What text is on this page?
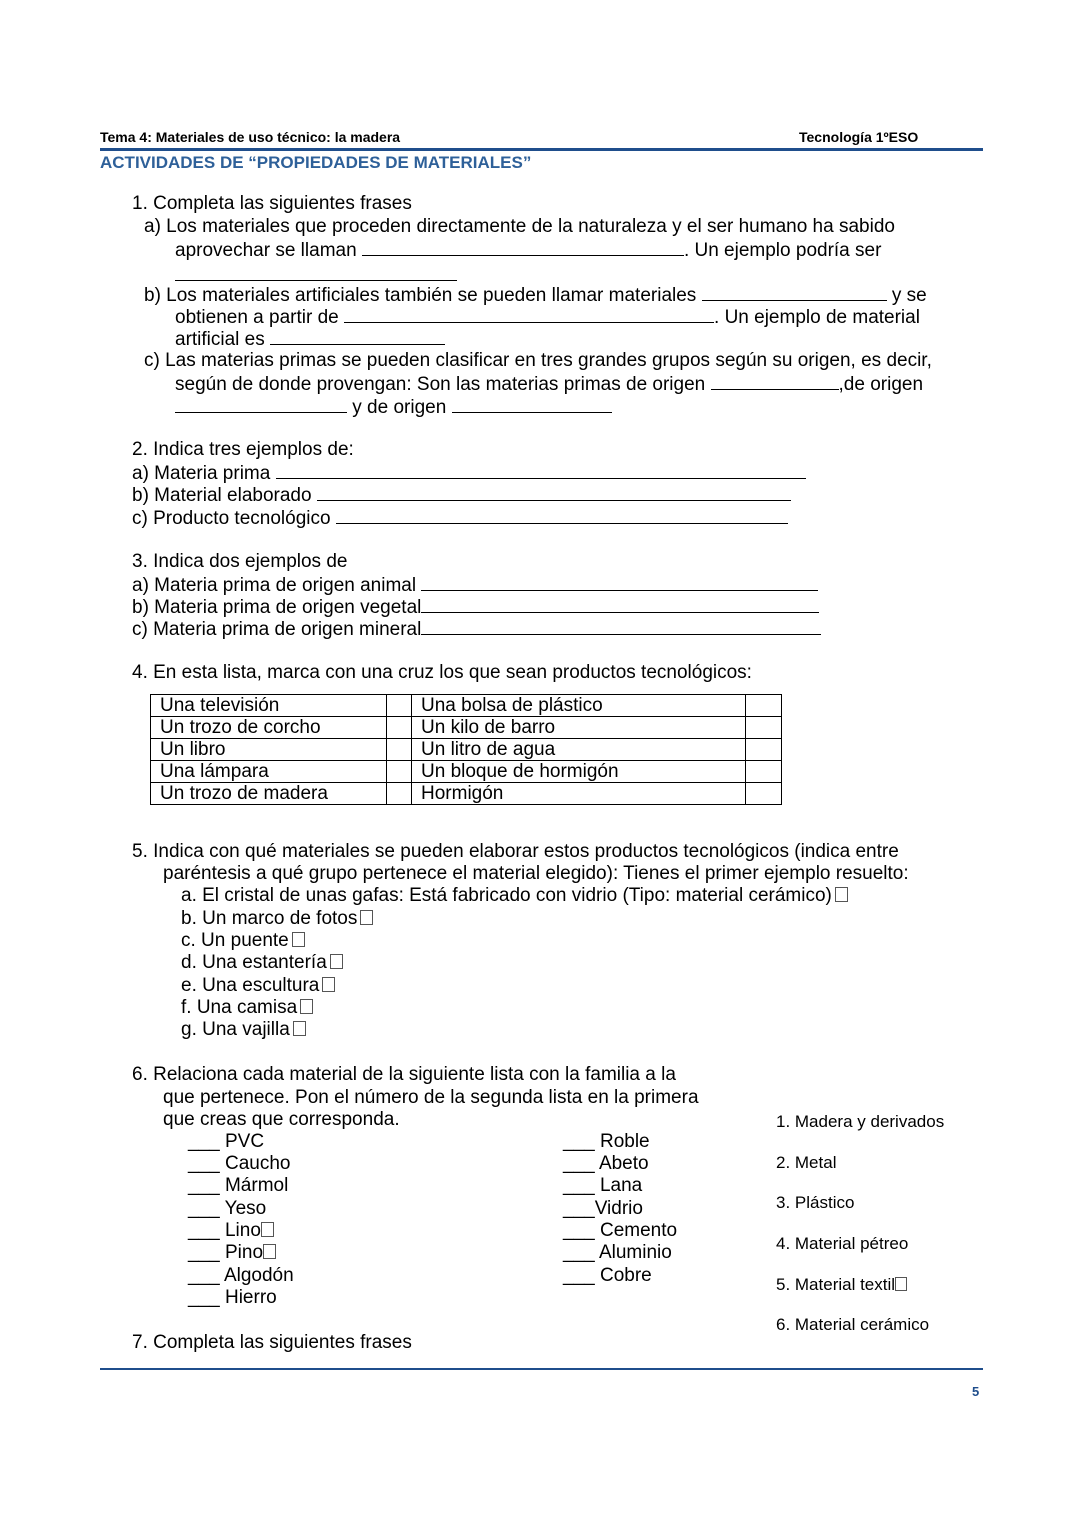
Tema 4: Materiales de uso técnico: la madera	Tecnología 1ºESO
ACTIVIDADES DE “PROPIEDADES DE MATERIALES”
1. Completa las siguientes frases
a) Los materiales que proceden directamente de la naturaleza y el ser humano ha sabido
aprovechar se llaman	. Un ejemplo podría ser
b) Los materiales artificiales también se pueden llamar materiales	y se
obtienen a partir de	. Un ejemplo de material
artificial es
c) Las materias primas se pueden clasificar en tres grandes grupos según su origen, es decir,
según de donde provengan: Son las materias primas de origen	,de origen
y de origen
2. Indica tres ejemplos de:
a) Materia prima
b) Material elaborado
c) Producto tecnológico
3. Indica dos ejemplos de
a) Materia prima de origen animal
b) Materia prima de origen vegetal
c) Materia prima de origen mineral
4. En esta lista, marca con una cruz los que sean productos tecnológicos:
Una televisión		Una bolsa de plástico	
Un trozo de corcho		Un kilo de barro	
Un libro		Un litro de agua	
Una lámpara		Un bloque de hormigón	
Un trozo de madera		Hormigón	
5. Indica con qué materiales se pueden elaborar estos productos tecnológicos (indica entre
paréntesis a qué grupo pertenece el material elegido): Tienes el primer ejemplo resuelto:
a. El cristal de unas gafas: Está fabricado con vidrio (Tipo: material cerámico)
b. Un marco de fotos
c. Un puente
d. Una estantería
e. Una escultura
f. Una camisa
g. Una vajilla
6. Relaciona cada material de la siguiente lista con la familia a la
que pertenece. Pon el número de la segunda lista en la primera
que creas que corresponda.
___ PVC
___ Caucho
___ Mármol
___ Yeso
___ Lino
___ Pino
___ Algodón
___ Hierro
___ Roble
___ Abeto
___ Lana
___Vidrio
___ Cemento
___ Aluminio
___ Cobre
1. Madera y derivados
2. Metal
3. Plástico
4. Material pétreo
5. Material textil
6. Material cerámico
7. Completa las siguientes frases
5
